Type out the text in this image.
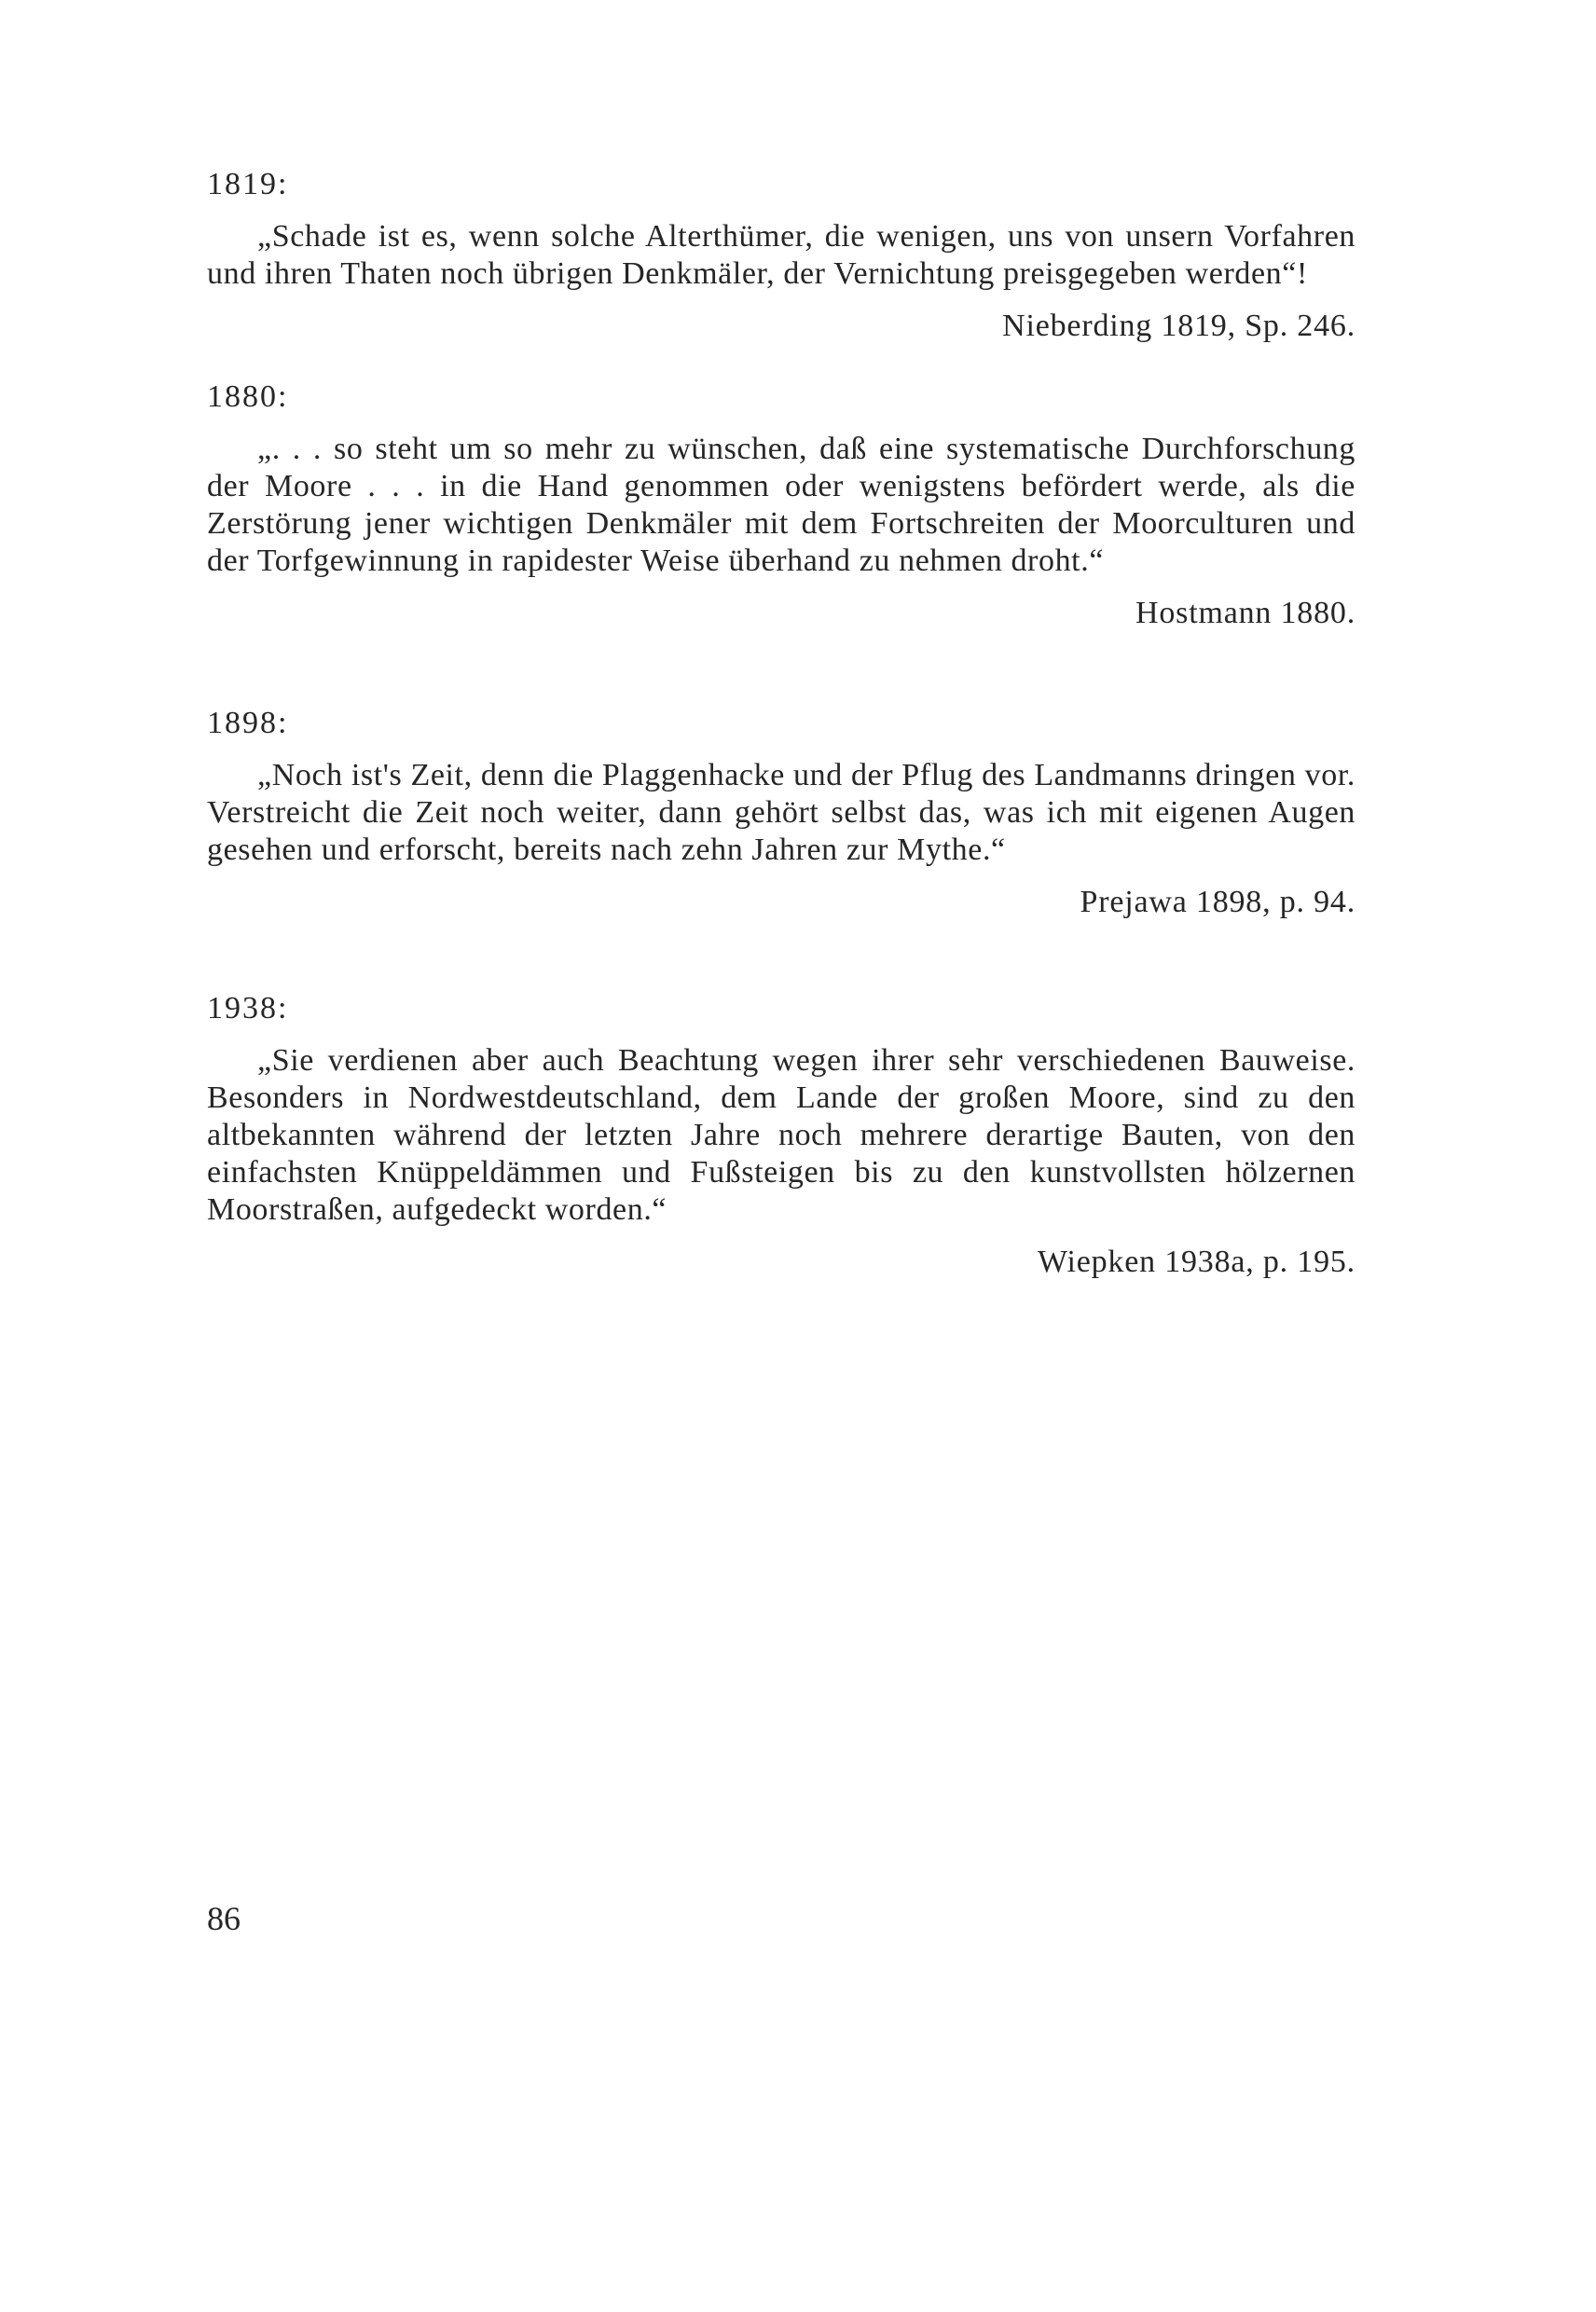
1819:

„Schade ist es, wenn solche Alterthümer, die wenigen, uns von unsern Vorfahren und ihren Thaten noch übrigen Denkmäler, der Vernichtung preisgegeben werden“!

Nieberding 1819, Sp. 246.

1880:

„. . . so steht um so mehr zu wünschen, daß eine systematische Durchforschung der Moore . . . in die Hand genommen oder wenigstens befördert werde, als die Zerstörung jener wichtigen Denkmäler mit dem Fortschreiten der Moorculturen und der Torfgewinnung in rapidester Weise überhand zu nehmen droht.“

Hostmann 1880.

1898:

„Noch ist's Zeit, denn die Plaggenhacke und der Pflug des Landmanns dringen vor. Verstreicht die Zeit noch weiter, dann gehört selbst das, was ich mit eigenen Augen gesehen und erforscht, bereits nach zehn Jahren zur Mythe.“

Prejawa 1898, p. 94.

1938:

„Sie verdienen aber auch Beachtung wegen ihrer sehr verschiedenen Bauweise. Besonders in Nordwestdeutschland, dem Lande der großen Moore, sind zu den altbekannten während der letzten Jahre noch mehrere derartige Bauten, von den einfachsten Knüppeldämmen und Fußsteigen bis zu den kunstvollsten hölzernen Moorstraßen, aufgedeckt worden.“

Wiepken 1938a, p. 195.

86
